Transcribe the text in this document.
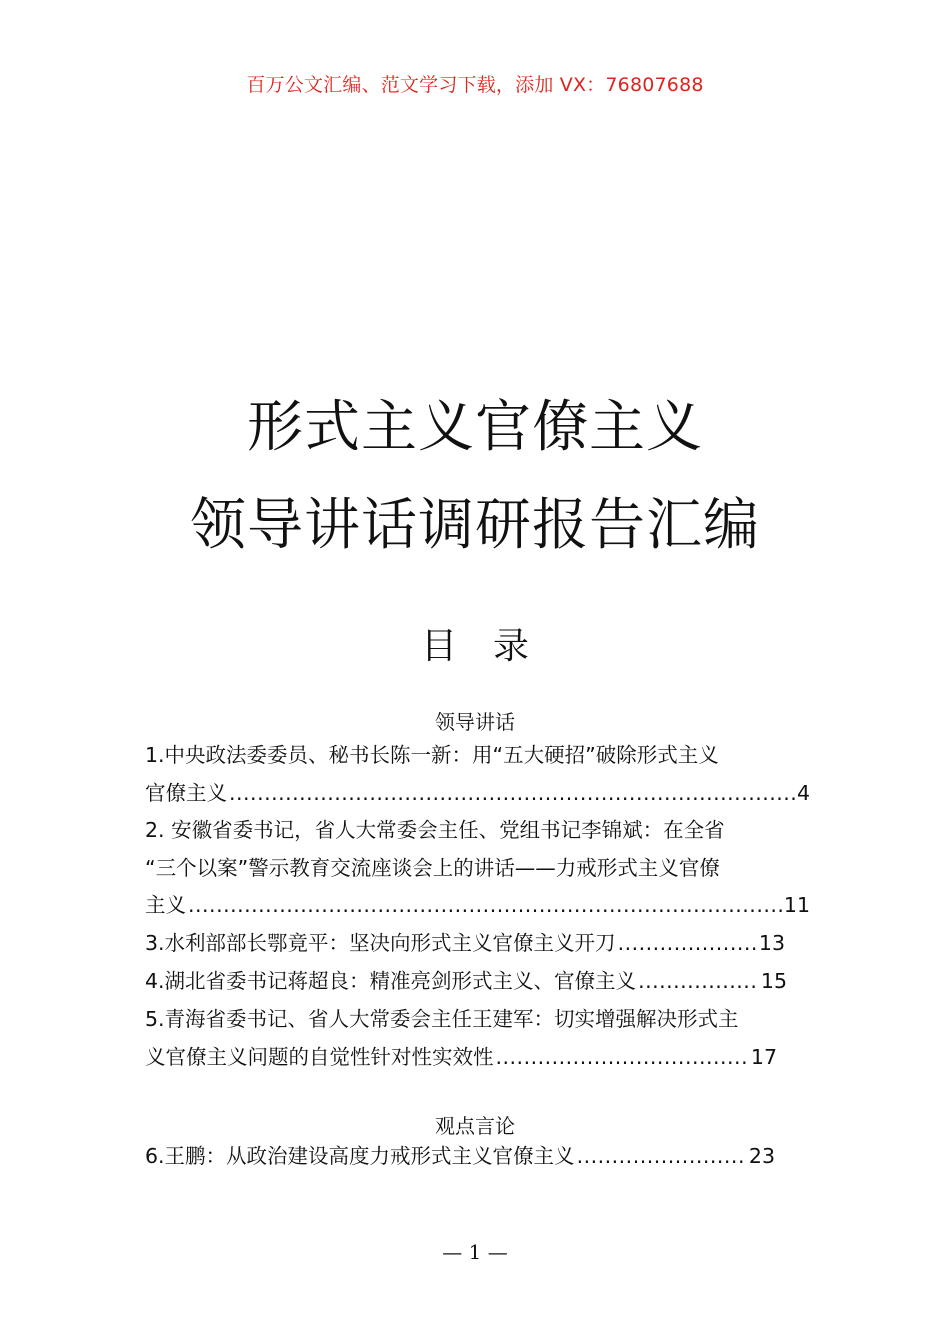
百万公文汇编、范文学习下载，添加 VX：76807688
形式主义官僚主义
领导讲话调研报告汇编
目录
领导讲话
1.中央政法委委员、秘书长陈一新：用“五大硬招”破除形式主义
官僚主义 .....	4
2. 安徽省委书记，省人大常委会主任、党组书记李锦斌：在全省
“三个以案”警示教育交流座谈会上的讲话——力戒形式主义官僚
主义 .....	11
3.水利部部长鄂竟平：坚决向形式主义官僚主义开刀 .....	13
4.湖北省委书记蒋超良：精准亮剑形式主义、官僚主义 .....	15
5.青海省委书记、省人大常委会主任王建军：切实增强解决形式主
义官僚主义问题的自觉性针对性实效性 .....	17
观点言论
6.王鹏：从政治建设高度力戒形式主义官僚主义 .....	23
— 1 —
